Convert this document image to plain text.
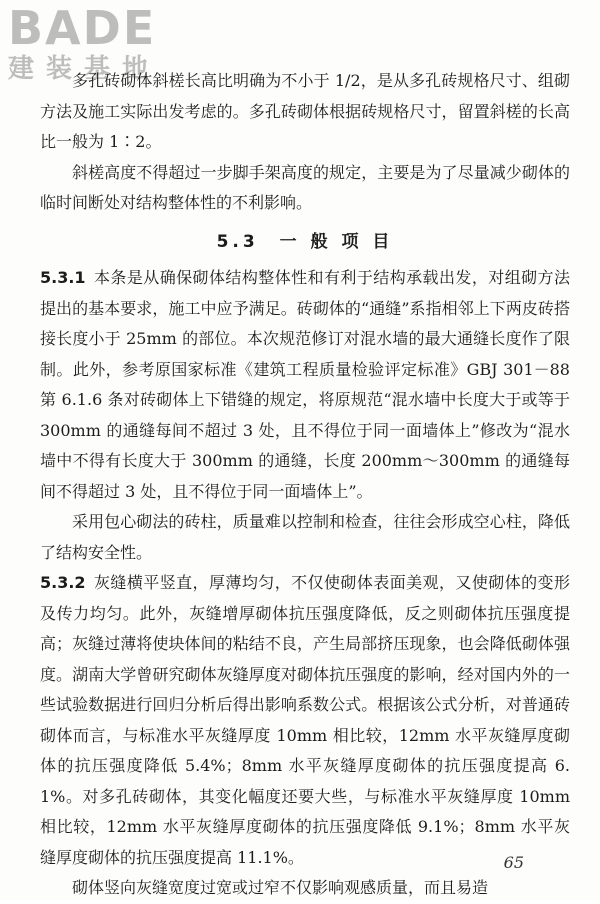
BADE
建装基地

多孔砖砌体斜槎长高比明确为不小于 1/2，是从多孔砖规格尺寸、组砌方法及施工实际出发考虑的。多孔砖砌体根据砖规格尺寸，留置斜槎的长高比一般为 1∶2。

斜槎高度不得超过一步脚手架高度的规定，主要是为了尽量减少砌体的临时间断处对结构整体性的不利影响。

5.3　一 般 项 目

5.3.1 本条是从确保砌体结构整体性和有利于结构承载出发，对组砌方法提出的基本要求，施工中应予满足。砖砌体的“通缝”系指相邻上下两皮砖搭接长度小于 25mm 的部位。本次规范修订对混水墙的最大通缝长度作了限制。此外，参考原国家标准《建筑工程质量检验评定标准》GBJ 301－88 第 6.1.6 条对砖砌体上下错缝的规定，将原规范“混水墙中长度大于或等于 300mm 的通缝每间不超过 3 处，且不得位于同一面墙体上”修改为“混水墙中不得有长度大于 300mm 的通缝，长度 200mm～300mm 的通缝每间不得超过 3 处，且不得位于同一面墙体上”。

采用包心砌法的砖柱，质量难以控制和检查，往往会形成空心柱，降低了结构安全性。

5.3.2 灰缝横平竖直，厚薄均匀，不仅使砌体表面美观，又使砌体的变形及传力均匀。此外，灰缝增厚砌体抗压强度降低，反之则砌体抗压强度提高；灰缝过薄将使块体间的粘结不良，产生局部挤压现象，也会降低砌体强度。湖南大学曾研究砌体灰缝厚度对砌体抗压强度的影响，经对国内外的一些试验数据进行回归分析后得出影响系数公式。根据该公式分析，对普通砖砌体而言，与标准水平灰缝厚度 10mm 相比较，12mm 水平灰缝厚度砌体的抗压强度降低 5.4%；8mm 水平灰缝厚度砌体的抗压强度提高 6.1%。对多孔砖砌体，其变化幅度还要大些，与标准水平灰缝厚度 10mm 相比较，12mm 水平灰缝厚度砌体的抗压强度降低 9.1%；8mm 水平灰缝厚度砌体的抗压强度提高 11.1%。

砌体竖向灰缝宽度过宽或过窄不仅影响观感质量，而且易造

65
